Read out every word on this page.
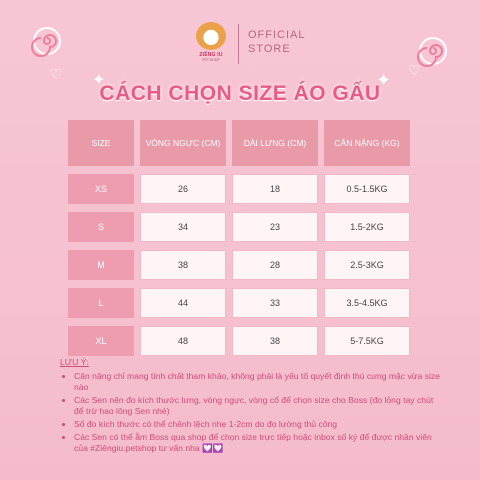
ZIÊNG IU
PET SHOP
OFFICIAL
STORE
✦	✦
♡	♡
CÁCH CHỌN SIZE ÁO GẤU
SIZE	VÒNG NGỰC (CM)	DÀI LƯNG (CM)	CÂN NẶNG (KG)
XS	26	18	0.5-1.5KG
S	34	23	1.5-2KG
M	38	28	2.5-3KG
L	44	33	3.5-4.5KG
XL	48	38	5-7.5KG
LƯU Ý:
• Cân nặng chỉ mang tính chất tham khảo, không phải là yếu tố quyết định thú cưng mặc vừa size nào
• Các Sen nên đo kích thước lưng, vòng ngực, vòng cổ để chọn size cho Boss (đo lỏng tay chút để trừ hao lông Sen nhé)
• Số đo kích thước có thể chênh lệch nhẹ 1-2cm do đo lường thủ công
• Các Sen có thể ẵm Boss qua shop để chọn size trực tiếp hoặc inbox số ký để được nhân viên của #Ziêngiu.petshop tư vấn nha 💟💟
